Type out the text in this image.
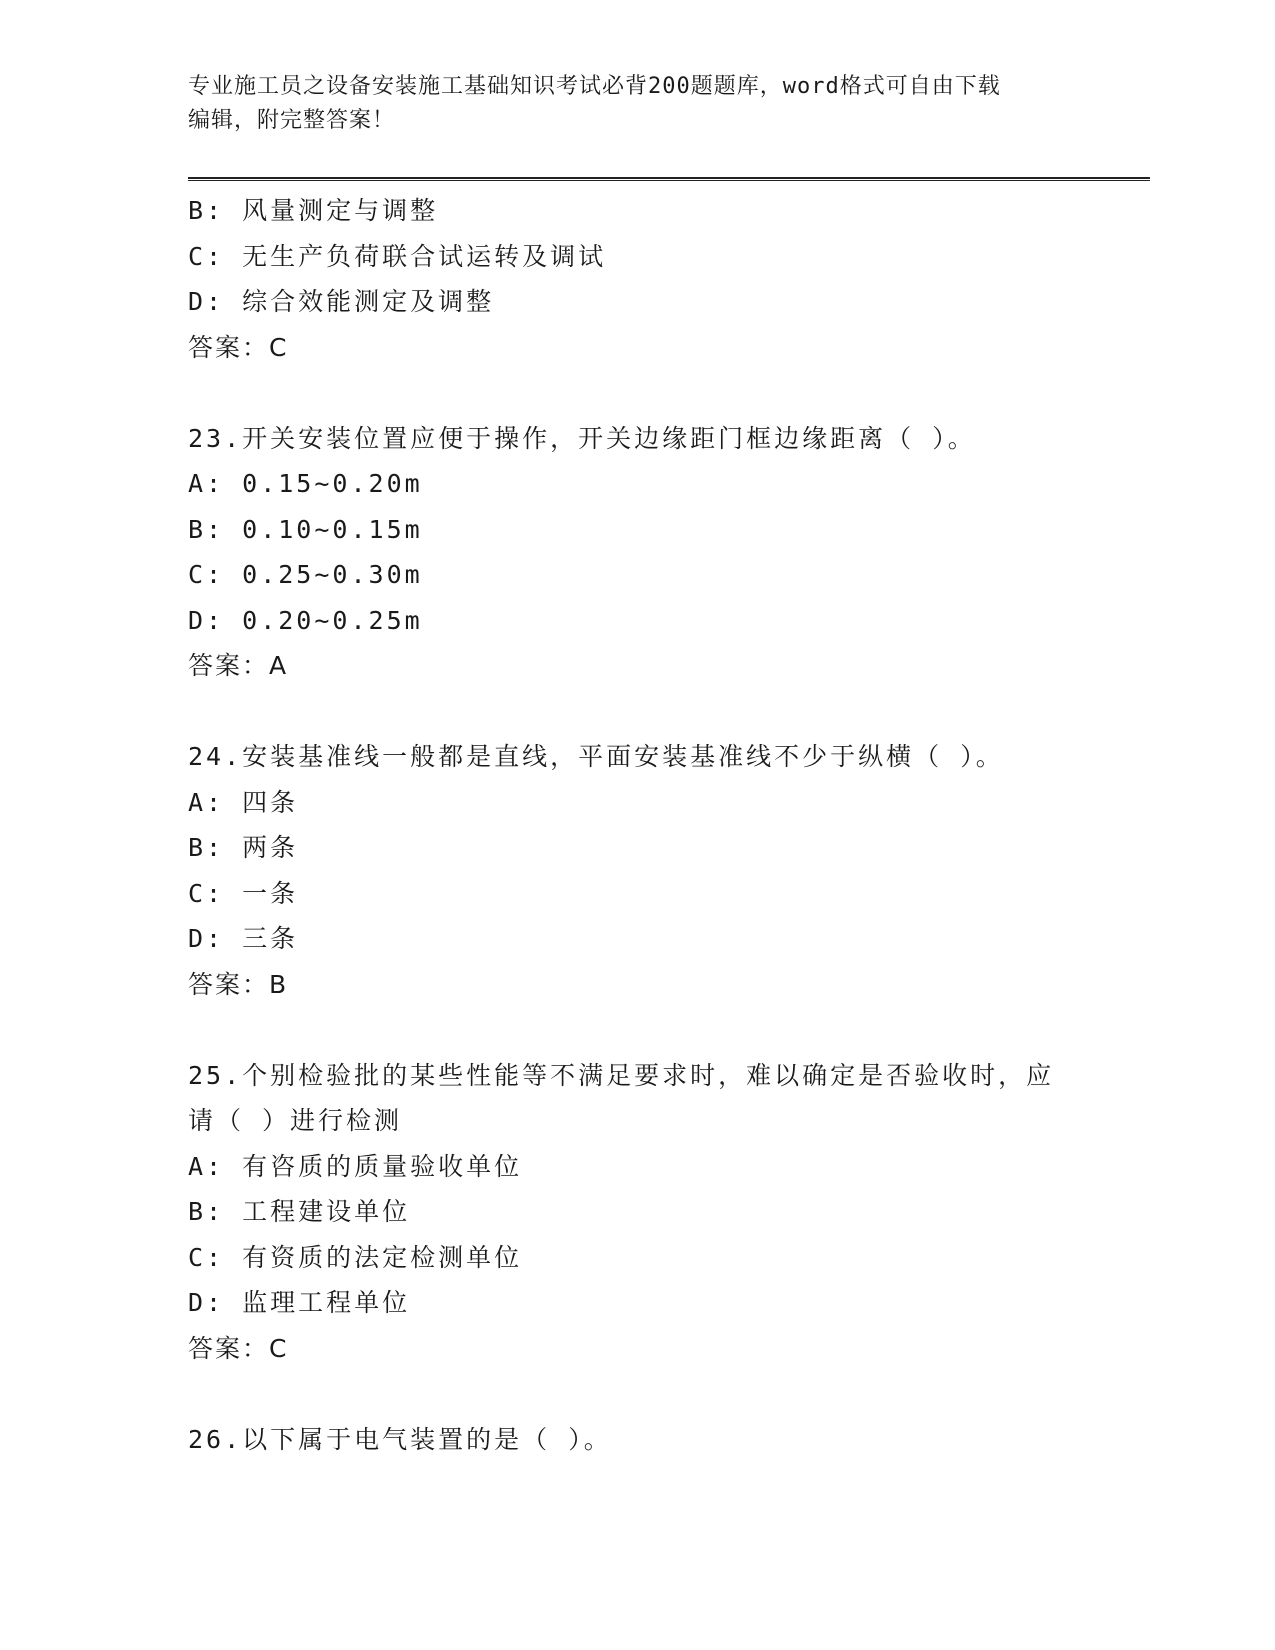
专业施工员之设备安装施工基础知识考试必背200题题库，word格式可自由下载
编辑，附完整答案！
B: 风量测定与调整
C: 无生产负荷联合试运转及调试
D: 综合效能测定及调整
答案：C
23.开关安装位置应便于操作，开关边缘距门框边缘距离（ ）。
A: 0.15~0.20m
B: 0.10~0.15m
C: 0.25~0.30m
D: 0.20~0.25m
答案：A
24.安装基准线一般都是直线，平面安装基准线不少于纵横（ ）。
A: 四条
B: 两条
C: 一条
D: 三条
答案：B
25.个别检验批的某些性能等不满足要求时，难以确定是否验收时，应
请（ ）进行检测
A: 有咨质的质量验收单位
B: 工程建设单位
C: 有资质的法定检测单位
D: 监理工程单位
答案：C
26.以下属于电气装置的是（ ）。
